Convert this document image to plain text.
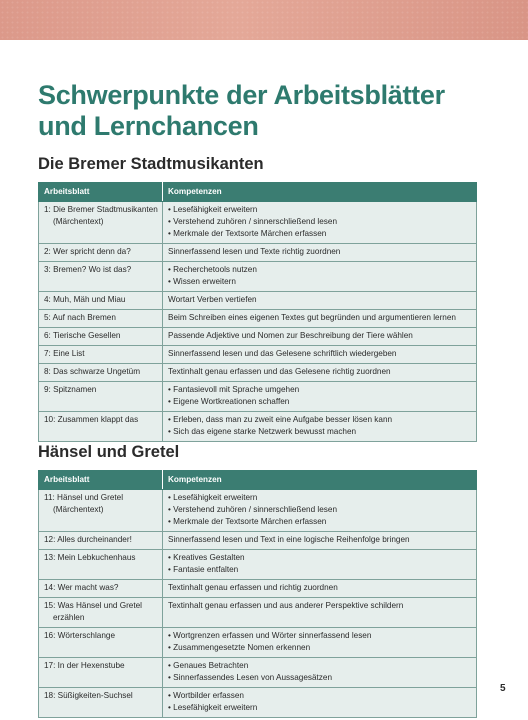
Schwerpunkte der Arbeitsblätter
und Lernchancen
Die Bremer Stadtmusikanten
Arbeitsblatt	Kompetenzen

1: Die Bremer Stadtmusikanten
(Märchentext)	• Lesefähigkeit erweitern
• Verstehend zuhören / sinnerschließend lesen
• Merkmale der Textsorte Märchen erfassen

2: Wer spricht denn da?	Sinnerfassend lesen und Texte richtig zuordnen

3: Bremen? Wo ist das?	• Recherchetools nutzen
• Wissen erweitern

4: Muh, Mäh und Miau	Wortart Verben vertiefen

5: Auf nach Bremen	Beim Schreiben eines eigenen Textes gut begründen und argumentieren lernen

6: Tierische Gesellen	Passende Adjektive und Nomen zur Beschreibung der Tiere wählen

7: Eine List	Sinnerfassend lesen und das Gelesene schriftlich wiedergeben

8: Das schwarze Ungetüm	Textinhalt genau erfassen und das Gelesene richtig zuordnen

9: Spitznamen	• Fantasievoll mit Sprache umgehen
• Eigene Wortkreationen schaffen

10: Zusammen klappt das	• Erleben, dass man zu zweit eine Aufgabe besser lösen kann
• Sich das eigene starke Netzwerk bewusst machen
Hänsel und Gretel
Arbeitsblatt	Kompetenzen

11: Hänsel und Gretel
(Märchentext)	• Lesefähigkeit erweitern
• Verstehend zuhören / sinnerschließend lesen
• Merkmale der Textsorte Märchen erfassen

12: Alles durcheinander!	Sinnerfassend lesen und Text in eine logische Reihenfolge bringen

13: Mein Lebkuchenhaus	• Kreatives Gestalten
• Fantasie entfalten

14: Wer macht was?	Textinhalt genau erfassen und richtig zuordnen

15: Was Hänsel und Gretel
erzählen	Textinhalt genau erfassen und aus anderer Perspektive schildern

16: Wörterschlange	• Wortgrenzen erfassen und Wörter sinnerfassend lesen
• Zusammengesetzte Nomen erkennen

17: In der Hexenstube	• Genaues Betrachten
• Sinnerfassendes Lesen von Aussagesätzen

18: Süßigkeiten-Suchsel	• Wortbilder erfassen
• Lesefähigkeit erweitern
5
